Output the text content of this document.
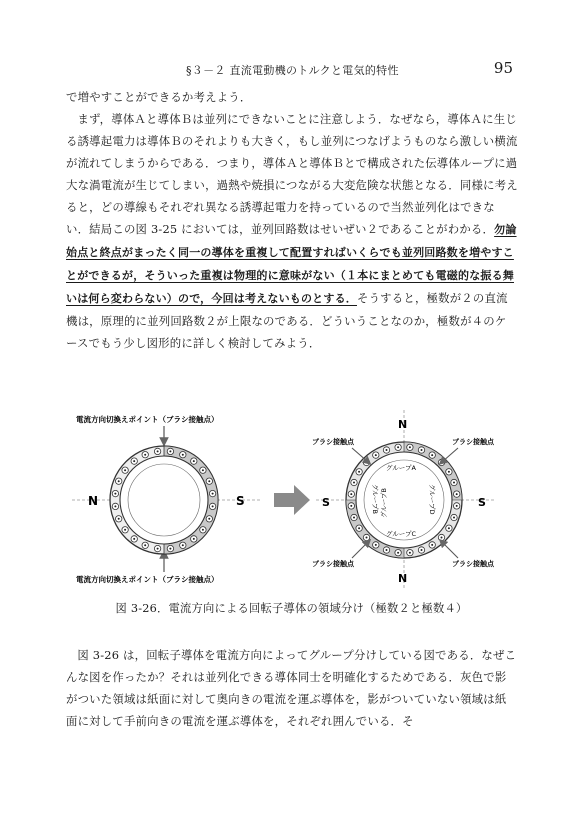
§３－２ 直流電動機のトルクと電気的特性	95

で増やすことができるか考えよう．

まず，導体Ａと導体Ｂは並列にできないことに注意しよう．なぜなら，導体Ａに生じる誘導起電力は導体Ｂのそれよりも大きく，もし並列につなげようものなら激しい横流が流れてしまうからである．つまり，導体Ａと導体Ｂとで構成された伝導体ループに過大な渦電流が生じてしまい，過熱や焼損につながる大変危険な状態となる．同様に考えると，どの導線もそれぞれ異なる誘導起電力を持っているので当然並列化はできない．結局この図 3-25 においては，並列回路数はせいぜい２であることがわかる．勿論始点と終点がまったく同一の導体を重複して配置すればいくらでも並列回路数を増やすことができるが，そういった重複は物理的に意味がない（１本にまとめても電磁的な振る舞いは何ら変わらない）ので，今回は考えないものとする．そうすると，極数が２の直流機は，原理的に並列回路数２が上限なのである．どういうことなのか，極数が４のケースでもう少し図形的に詳しく検討してみよう．

電流方向切換えポイント（ブラシ接触点）
電流方向切換えポイント（ブラシ接触点）
N	S
N
N
S	S
グループA
グループC
グループB	グループD
グループB
ブラシ接触点	ブラシ接触点
ブラシ接触点	ブラシ接触点
図 3-26．電流方向による回転子導体の領域分け（極数２と極数４）

図 3-26 は，回転子導体を電流方向によってグループ分けしている図である．なぜこんな図を作ったか？それは並列化できる導体同士を明確化するためである．灰色で影がついた領域は紙面に対して奥向きの電流を運ぶ導体を，影がついていない領域は紙面に対して手前向きの電流を運ぶ導体を，それぞれ囲んでいる．そ
